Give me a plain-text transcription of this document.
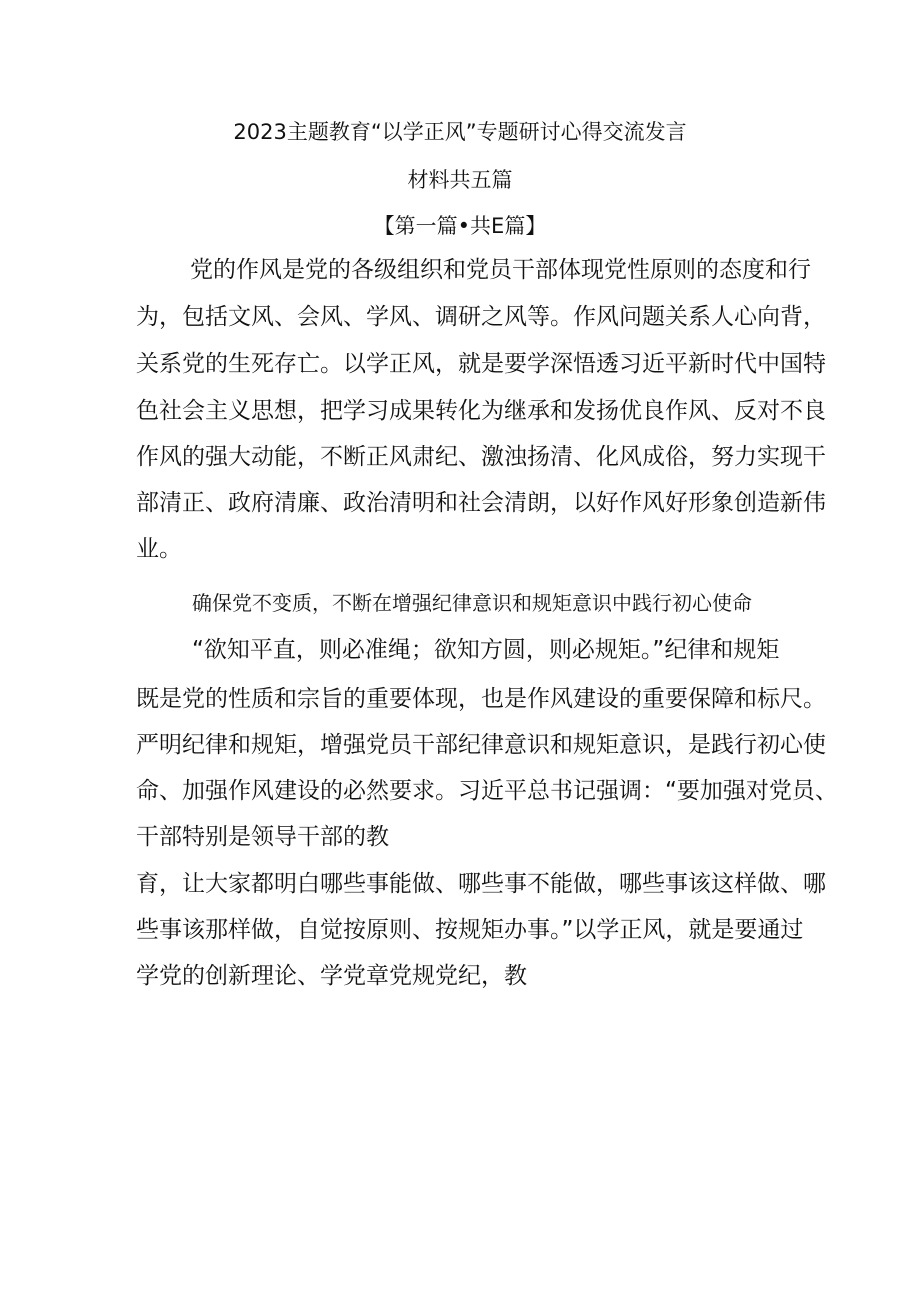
2023主题教育“以学正风”专题研讨心得交流发言
材料共五篇
【第一篇•共E篇】
党的作风是党的各级组织和党员干部体现党性原则的态度和行
为，包括文风、会风、学风、调研之风等。作风问题关系人心向背，
关系党的生死存亡。以学正风，就是要学深悟透习近平新时代中国特
色社会主义思想，把学习成果转化为继承和发扬优良作风、反对不良
作风的强大动能，不断正风肃纪、激浊扬清、化风成俗，努力实现干
部清正、政府清廉、政治清明和社会清朗，以好作风好形象创造新伟
业。
确保党不变质，不断在增强纪律意识和规矩意识中践行初心使命
“欲知平直，则必准绳；欲知方圆，则必规矩。”纪律和规矩
既是党的性质和宗旨的重要体现，也是作风建设的重要保障和标尺。
严明纪律和规矩，增强党员干部纪律意识和规矩意识，是践行初心使
命、加强作风建设的必然要求。习近平总书记强调：“要加强对党员、
干部特别是领导干部的教
育，让大家都明白哪些事能做、哪些事不能做，哪些事该这样做、哪
些事该那样做，自觉按原则、按规矩办事。”以学正风，就是要通过
学党的创新理论、学党章党规党纪，教
